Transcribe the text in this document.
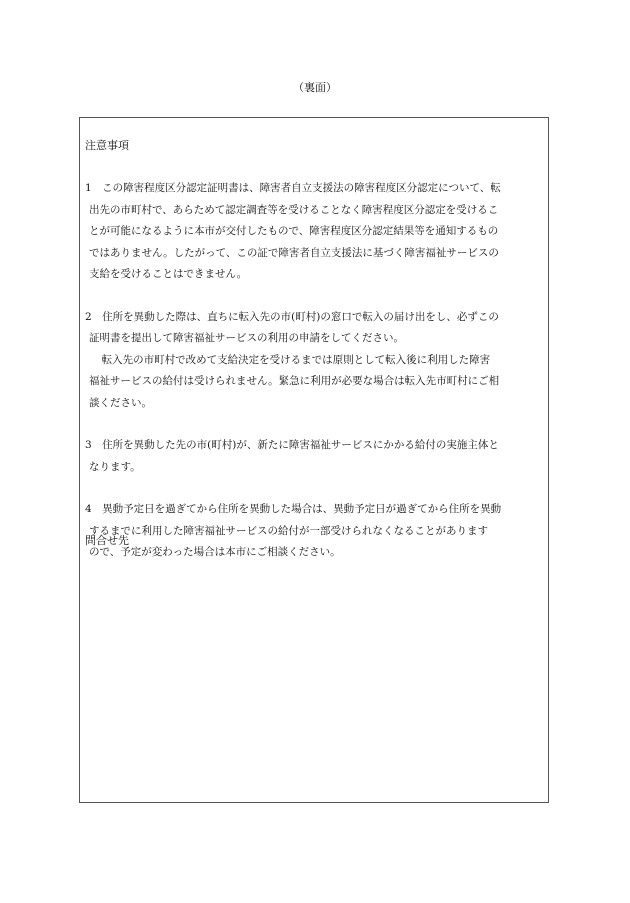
（裏面）
注意事項
1　この障害程度区分認定証明書は、障害者自立支援法の障害程度区分認定について、転
出先の市町村で、あらためて認定調査等を受けることなく障害程度区分認定を受けるこ
とが可能になるように本市が交付したもので、障害程度区分認定結果等を通知するもの
ではありません。したがって、この証で障害者自立支援法に基づく障害福祉サービスの
支給を受けることはできません。
2　住所を異動した際は、直ちに転入先の市(町村)の窓口で転入の届け出をし、必ずこの
証明書を提出して障害福祉サービスの利用の申請をしてください。
転入先の市町村で改めて支給決定を受けるまでは原則として転入後に利用した障害
福祉サービスの給付は受けられません。緊急に利用が必要な場合は転入先市町村にご相
談ください。
3　住所を異動した先の市(町村)が、新たに障害福祉サービスにかかる給付の実施主体と
なります。
4　異動予定日を過ぎてから住所を異動した場合は、異動予定日が過ぎてから住所を異動
するまでに利用した障害福祉サービスの給付が一部受けられなくなることがあります
ので、予定が変わった場合は本市にご相談ください。
問合せ先
